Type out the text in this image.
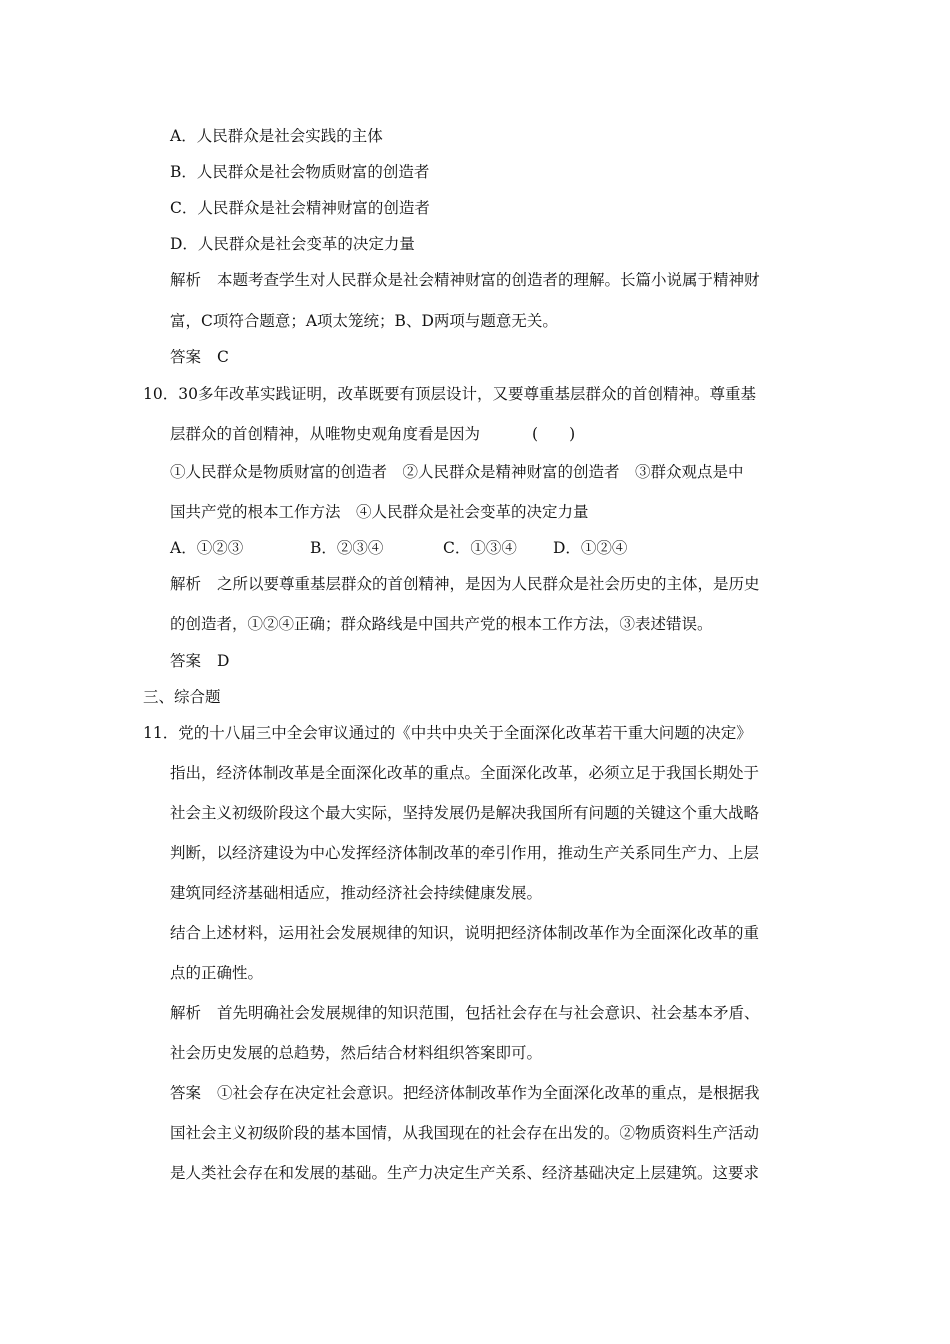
A．人民群众是社会实践的主体
B．人民群众是社会物质财富的创造者
C．人民群众是社会精神财富的创造者
D．人民群众是社会变革的决定力量
解析 本题考查学生对人民群众是社会精神财富的创造者的理解。长篇小说属于精神财
富，C项符合题意；A项太笼统；B、D两项与题意无关。
答案 C
10．30多年改革实践证明，改革既要有顶层设计，又要尊重基层群众的首创精神。尊重基
层群众的首创精神，从唯物史观角度看是因为	(　　)
①人民群众是物质财富的创造者　②人民群众是精神财富的创造者　③群众观点是中
国共产党的根本工作方法　④人民群众是社会变革的决定力量
A．①②③	B．②③④	C．①③④ D．①②④
解析 之所以要尊重基层群众的首创精神，是因为人民群众是社会历史的主体，是历史
的创造者，①②④正确；群众路线是中国共产党的根本工作方法，③表述错误。
答案 D
三、综合题
11．党的十八届三中全会审议通过的《中共中央关于全面深化改革若干重大问题的决定》
指出，经济体制改革是全面深化改革的重点。全面深化改革，必须立足于我国长期处于
社会主义初级阶段这个最大实际，坚持发展仍是解决我国所有问题的关键这个重大战略
判断，以经济建设为中心发挥经济体制改革的牵引作用，推动生产关系同生产力、上层
建筑同经济基础相适应，推动经济社会持续健康发展。
结合上述材料，运用社会发展规律的知识，说明把经济体制改革作为全面深化改革的重
点的正确性。
解析 首先明确社会发展规律的知识范围，包括社会存在与社会意识、社会基本矛盾、
社会历史发展的总趋势，然后结合材料组织答案即可。
答案 ①社会存在决定社会意识。把经济体制改革作为全面深化改革的重点，是根据我
国社会主义初级阶段的基本国情，从我国现在的社会存在出发的。②物质资料生产活动
是人类社会存在和发展的基础。生产力决定生产关系、经济基础决定上层建筑。这要求
